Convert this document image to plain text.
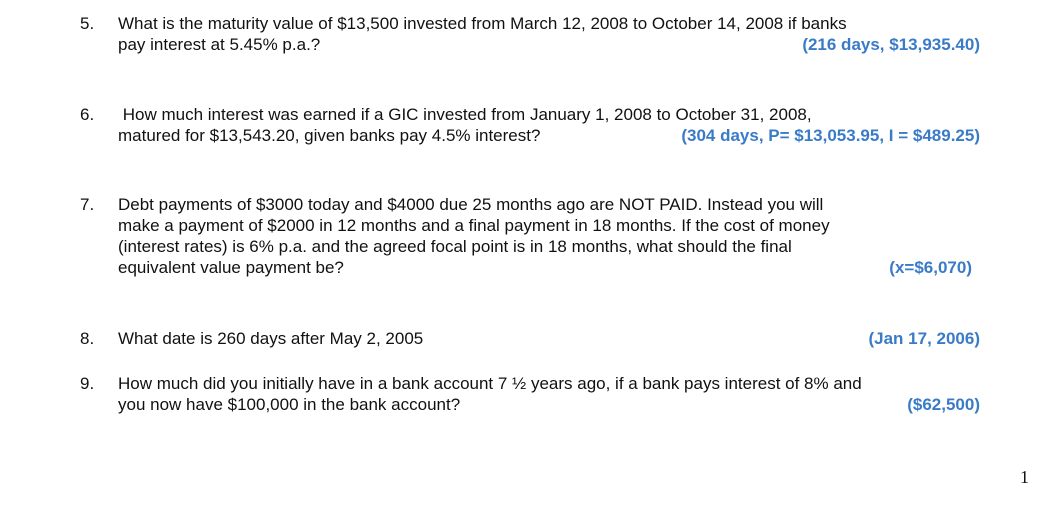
5.	What is the maturity value of $13,500 invested from March 12, 2008 to October 14, 2008 if banks
pay interest at 5.45% p.a.?	(216 days, $13,935.40)
6.	How much interest was earned if a GIC invested from January 1, 2008 to October 31, 2008,
matured for $13,543.20, given banks pay 4.5% interest?	(304 days, P= $13,053.95, I = $489.25)
7.	Debt payments of $3000 today and $4000 due 25 months ago are NOT PAID. Instead you will
make a payment of $2000 in 12 months and a final payment in 18 months. If the cost of money
(interest rates) is 6% p.a. and the agreed focal point is in 18 months, what should the final
equivalent value payment be?	(x=$6,070)
8.	What date is 260 days after May 2, 2005	(Jan 17, 2006)
9.	How much did you initially have in a bank account 7 ½ years ago, if a bank pays interest of 8% and
you now have $100,000 in the bank account?	($62,500)
1
